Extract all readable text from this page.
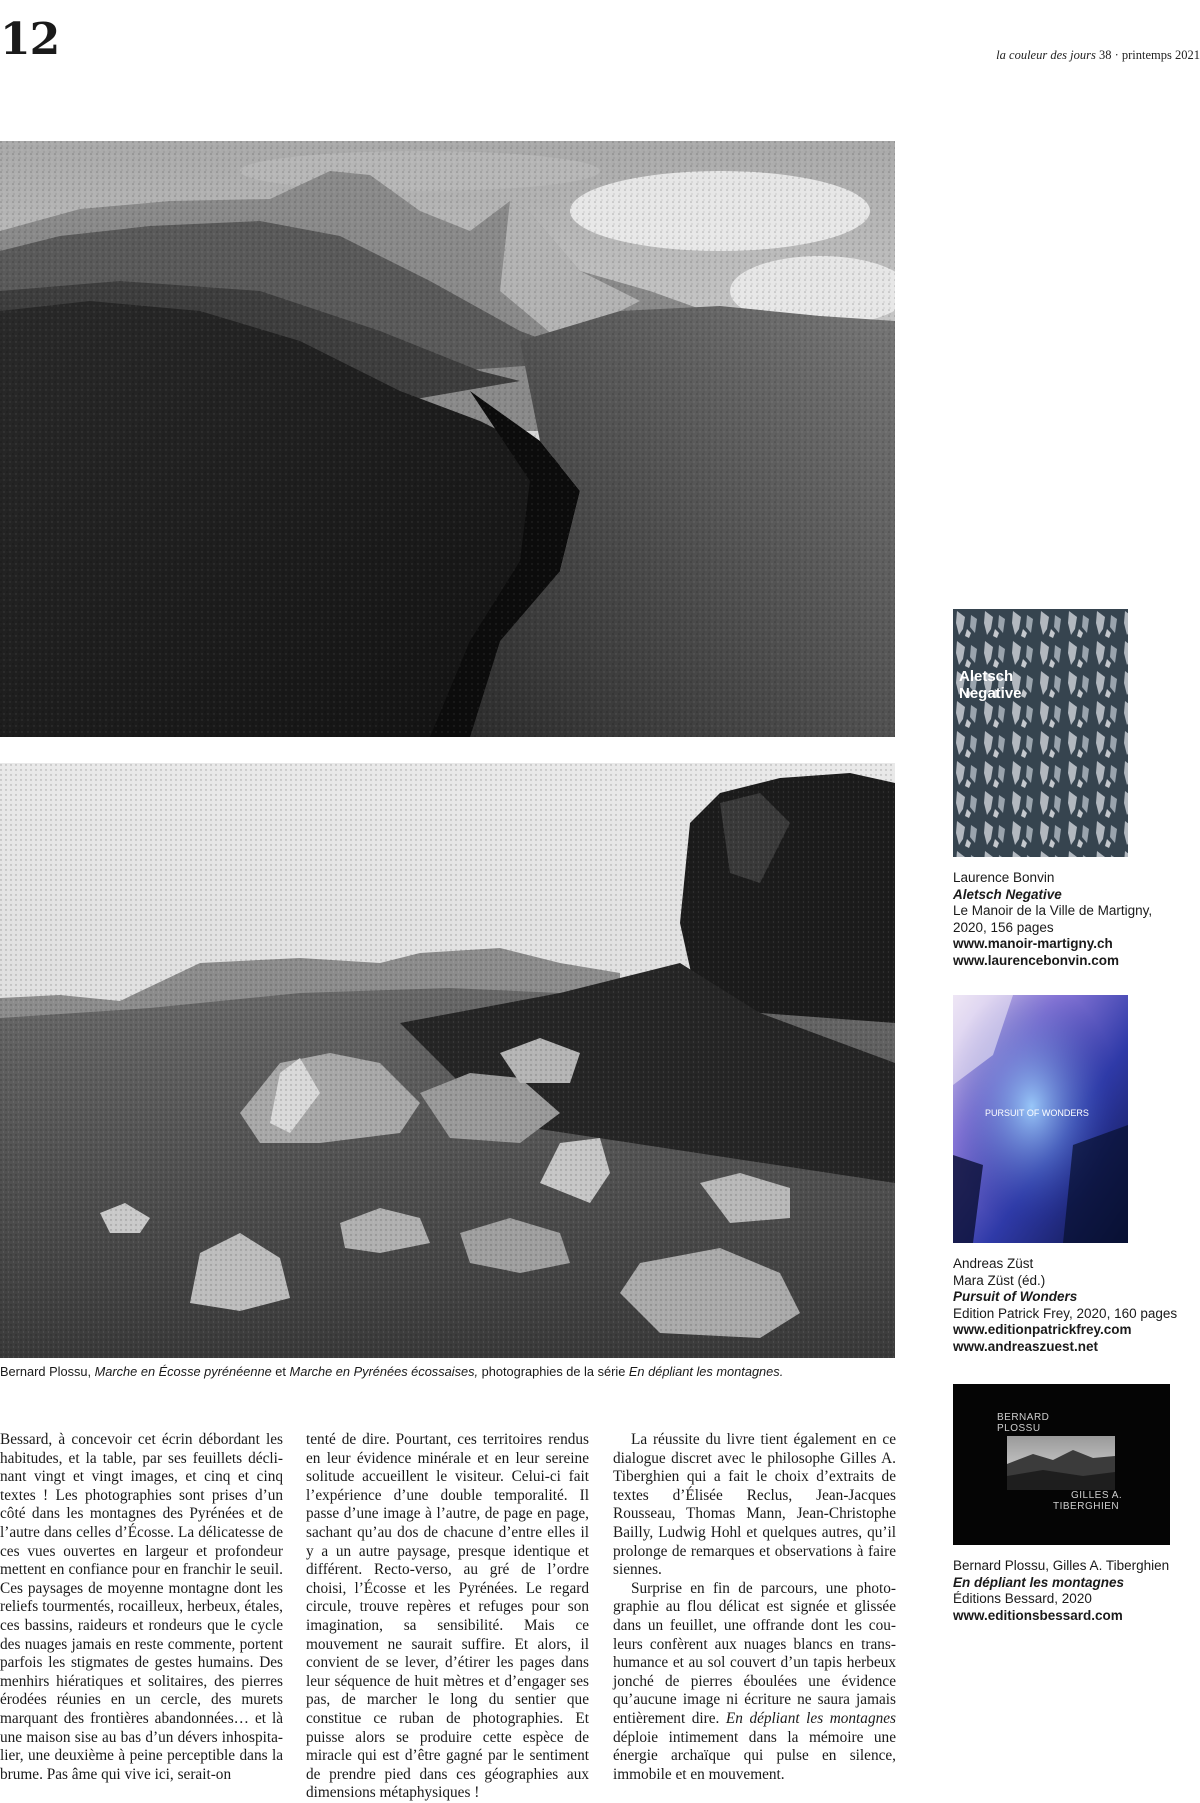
12	la couleur des jours 38 · printemps 2021
Bernard Plossu, Marche en Écosse pyrénéenne et Marche en Pyrénées écossaises, photographies de la série En dépliant les montagnes.
Aletsch
Negative
Laurence Bonvin
Aletsch Negative
Le Manoir de la Ville de Martigny,
2020, 156 pages
www.manoir-martigny.ch
www.laurencebonvin.com
PURSUIT OF WONDERS
Andreas Züst
Mara Züst (éd.)
Pursuit of Wonders
Edition Patrick Frey, 2020, 160 pages
www.editionpatrickfrey.com
www.andreaszuest.net
BERNARD
PLOSSU
GILLES A.
TIBERGHIEN
Bernard Plossu, Gilles A. Tiberghien
En dépliant les montagnes
Éditions Bessard, 2020
www.editionsbessard.com

Bessard, à concevoir cet écrin débordant les habitudes, et la table, par ses feuillets déclinant vingt et vingt images, et cinq et cinq textes ! Les photographies sont prises d’un côté dans les montagnes des Pyrénées et de l’autre dans celles d’Écosse. La délicatesse de ces vues ouvertes en largeur et profondeur mettent en confiance pour en franchir le seuil. Ces paysages de moyenne montagne dont les reliefs tourmentés, rocailleux, herbeux, étales, ces bassins, raideurs et rondeurs que le cycle des nuages jamais en reste commente, portent parfois les stigmates de gestes humains. Des menhirs hiératiques et solitaires, des pierres érodées réunies en un cercle, des murets marquant des frontières abandonnées… et là une maison sise au bas d’un dévers inhospitalier, une deuxième à peine perceptible dans la brume. Pas âme qui vive ici, serait-on

tenté de dire. Pourtant, ces territoires rendus en leur évidence minérale et en leur sereine solitude accueillent le visiteur. Celui-ci fait l’expérience d’une double temporalité. Il passe d’une image à l’autre, de page en page, sachant qu’au dos de chacune d’entre elles il y a un autre paysage, presque identique et différent. Recto-verso, au gré de l’ordre choisi, l’Écosse et les Pyrénées. Le regard circule, trouve repères et refuges pour son imagination, sa sensibilité. Mais ce mouvement ne saurait suffire. Et alors, il convient de se lever, d’étirer les pages dans leur séquence de huit mètres et d’engager ses pas, de marcher le long du sentier que constitue ce ruban de photographies. Et puisse alors se produire cette espèce de miracle qui est d’être gagné par le sentiment de prendre pied dans ces géographies aux dimensions métaphysiques !

La réussite du livre tient également en ce dialogue discret avec le philosophe Gilles A. Tiberghien qui a fait le choix d’extraits de textes d’Élisée Reclus, Jean-Jacques Rousseau, Thomas Mann, Jean-Christophe Bailly, Ludwig Hohl et quelques autres, qu’il prolonge de remarques et observations à faire siennes.

Surprise en fin de parcours, une photographie au flou délicat est signée et glissée dans un feuillet, une offrande dont les couleurs confèrent aux nuages blancs en transhumance et au sol couvert d’un tapis herbeux jonché de pierres éboulées une évidence qu’aucune image ni écriture ne saura jamais entièrement dire. En dépliant les montagnes déploie intimement dans la mémoire une énergie archaïque qui pulse en silence, immobile et en mouvement.
